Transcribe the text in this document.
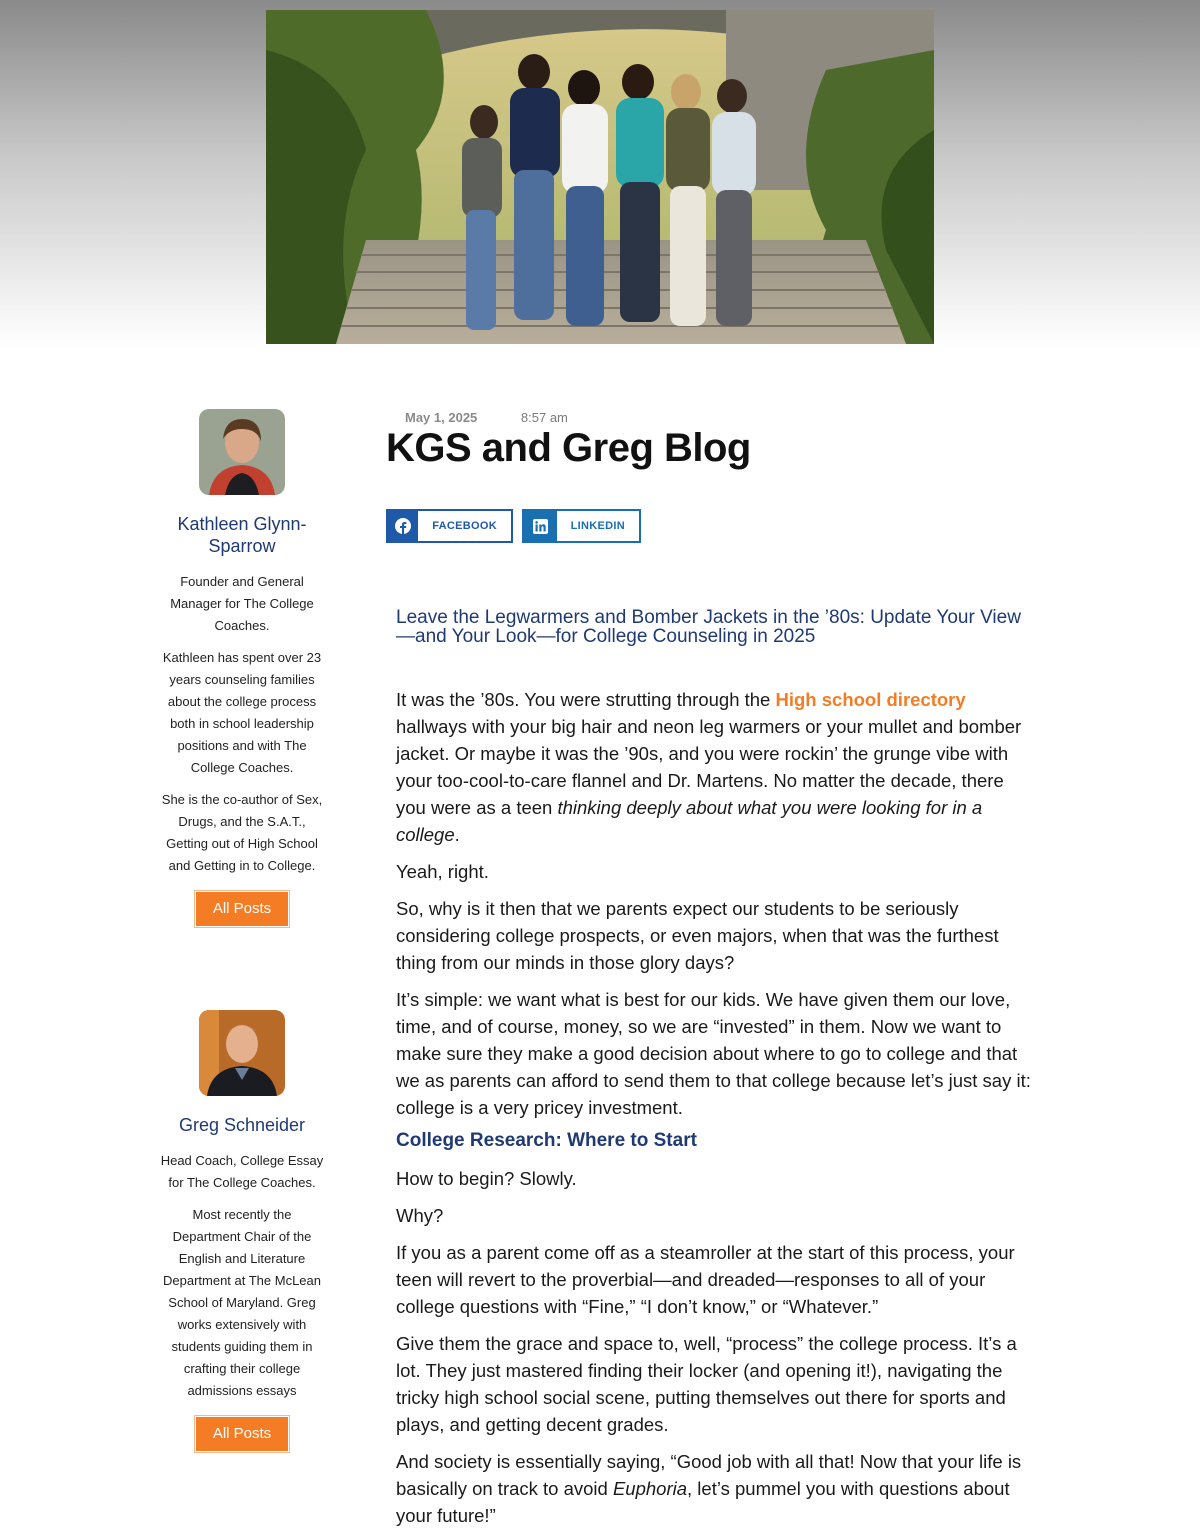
Kathleen Glynn-Sparrow

Founder and General Manager for The College Coaches.

Kathleen has spent over 23 years counseling families about the college process both in school leadership positions and with The College Coaches.

She is the co-author of Sex, Drugs, and the S.A.T., Getting out of High School and Getting in to College.

All Posts
Greg Schneider

Head Coach, College Essay for The College Coaches.

Most recently the Department Chair of the English and Literature Department at The McLean School of Maryland. Greg works extensively with students guiding them in crafting their college admissions essays

All Posts
May 1, 2025	8:57 am
KGS and Greg Blog
FACEBOOK	LINKEDIN
Leave the Legwarmers and Bomber Jackets in the ’80s: Update Your View—and Your Look—for College Counseling in 2025

It was the ’80s. You were strutting through the High school directory hallways with your big hair and neon leg warmers or your mullet and bomber jacket. Or maybe it was the ’90s, and you were rockin’ the grunge vibe with your too-cool-to-care flannel and Dr. Martens. No matter the decade, there you were as a teen thinking deeply about what you were looking for in a college.

Yeah, right.

So, why is it then that we parents expect our students to be seriously considering college prospects, or even majors, when that was the furthest thing from our minds in those glory days?

It’s simple: we want what is best for our kids. We have given them our love, time, and of course, money, so we are “invested” in them. Now we want to make sure they make a good decision about where to go to college and that we as parents can afford to send them to that college because let’s just say it: college is a very pricey investment.

College Research: Where to Start

How to begin? Slowly.

Why?

If you as a parent come off as a steamroller at the start of this process, your teen will revert to the proverbial—and dreaded—responses to all of your college questions with “Fine,” “I don’t know,” or “Whatever.”

Give them the grace and space to, well, “process” the college process. It’s a lot. They just mastered finding their locker (and opening it!), navigating the tricky high school social scene, putting themselves out there for sports and plays, and getting decent grades.

And society is essentially saying, “Good job with all that! Now that your life is basically on track to avoid Euphoria, let’s pummel you with questions about your future!”
